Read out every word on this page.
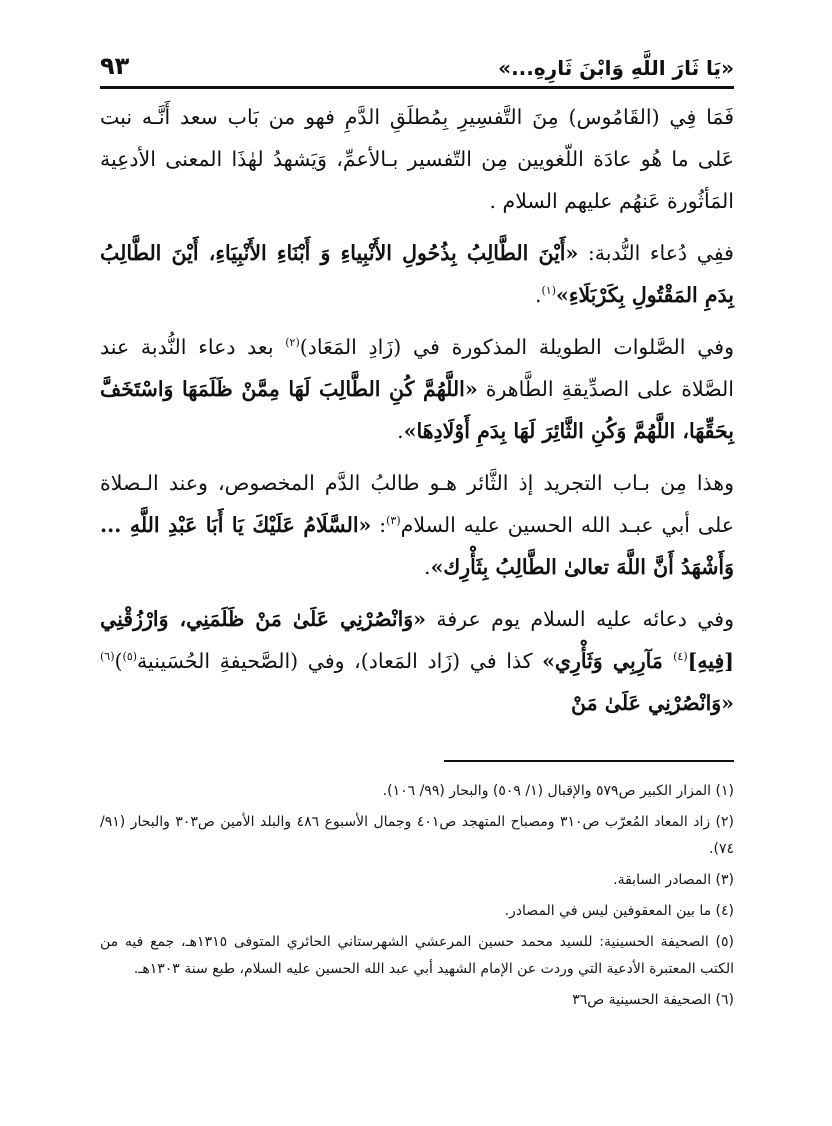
«يَا ثَارَ اللَّهِ وَابْنَ ثَارِهِ...»
٩٣

فَمَا فِي (القَامُوس) مِنَ التَّفسِيرِ بِمُطلَقِ الدَّمِ فهو من بَاب سعد أَنَّـه نبت عَلى ما هُو عادَة اللّغويين مِن التّفسير بـالأعمِّ، وَيَشهدُ لهٰذَا المعنى الأدعِية المَأثُورة عَنهُم عليهم السلام .

ففِي دُعاء النُّدبة: «أَيْنَ الطَّالِبُ بِذُحُولِ الأَنْبِياءِ وَ أَبْنَاءِ الأَنْبِيَاءِ، أَيْنَ الطَّالِبُ بِدَمِ المَقْتُولِ بِكَرْبَلَاءِ»$^{(١)}$.

وفي الصَّلوات الطويلة المذكورة في (زَادِ المَعَاد)$^{(٢)}$ بعد دعاء النُّدبة عند الصَّلاة على الصدِّيقةِ الطَّاهرة «اللَّهُمَّ كُنِ الطَّالِبَ لَهَا مِمَّنْ ظَلَمَهَا وَاسْتَخَفَّ بِحَقِّهَا، اللَّهُمَّ وَكُنِ الثَّائِرَ لَهَا بِدَمِ أَوْلَادِهَا».

وهذا مِن بـاب التجريد إذ الثَّائر هـو طالبُ الدَّم المخصوص، وعند الـصلاة على أبي عبـد الله الحسين عليه السلام$^{(٣)}$: «السَّلَامُ عَلَيْكَ يَا أَبَا عَبْدِ اللَّهِ ... وَأَشْهَدُ أَنَّ اللَّهَ تعالىٰ الطَّالِبُ بِثَأْرِك».

وفي دعائه عليه السلام يوم عرفة «وَانْصُرْنِي عَلَىٰ مَنْ ظَلَمَنِي، وَارْزُقْنِي [فِيهِ]$^{(٤)}$ مَآرِبِي وَثَأْرِي» كذا في (زَاد المَعاد)، وفي (الصَّحيفةِ الحُسَينية$^{(٥)}$)$^{(٦)}$ «وَانْصُرْنِي عَلَىٰ مَنْ

(١) المزار الكبير ص٥٧٩ والإقبال (١/ ٥٠٩) والبحار (٩٩/ ١٠٦).

(٢) زاد المعاد المُعرّب ص٣١٠ ومصباح المتهجد ص٤٠١ وجمال الأسبوع ٤٨٦ والبلد الأمين ص٣٠٣ والبحار (٩١/ ٧٤).

(٣) المصادر السابقة.

(٤) ما بين المعقوفين ليس في المصادر.

(٥) الصحيفة الحسينية: للسيد محمد حسين المرعشي الشهرستاني الحائري المتوفى ١٣١٥هـ، جمع فيه من الكتب المعتبرة الأدعية التي وردت عن الإمام الشهيد أبي عبد الله الحسين عليه السلام، طبع سنة ١٣٠٣هـ.

(٦) الصحيفة الحسينية ص٣٦
